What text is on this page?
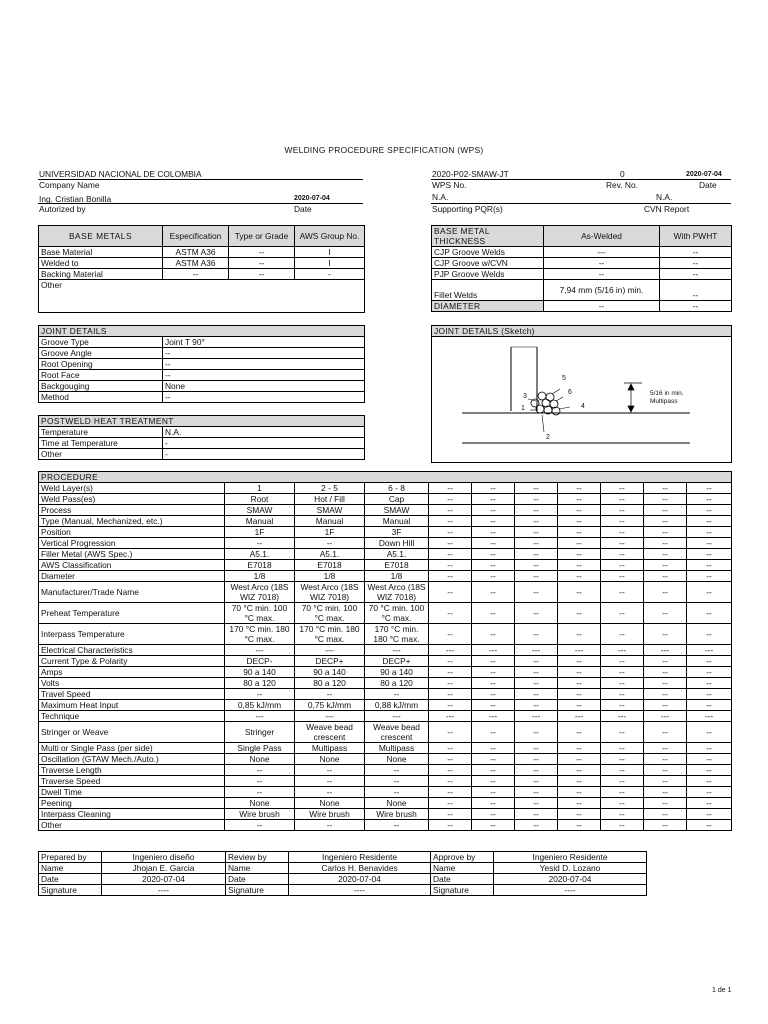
WELDING PROCEDURE SPECIFICATION (WPS)
UNIVERSIDAD NACIONAL DE COLOMBIA
Company Name
Ing. Cristian Bonilla	2020-07-04
Autorized by	Date
2020-P02-SMAW-JT	0	2020-07-04
WPS No.	Rev. No.	Date
N.A.	N.A.
Supporting PQR(s)	CVN Report
BASE METALS	Especification	Type or Grade	AWS Group No.
Base Material	ASTM A36	--	I
Welded to	ASTM A36	--	I
Backing Material	--	--	-
Other			
BASE METAL THICKNESS	As-Welded	With PWHT
CJP Groove Welds	---	--
CJP Groove w/CVN	--	--
PJP Groove Welds	--	--
Fillet Welds	7,94 mm (5/16 in) min.	--
DIAMETER	--	--
JOINT DETAILS	
Groove Type	Joint T 90°
Groove Angle	--
Root Opening	--
Root Face	--
Backgouging	None
Method	--
JOINT DETAILS (Sketch)
1
2
3
4
5
6	5/16 in min.
Multipass
POSTWELD HEAT TREATMENT	
Temperature	N.A.
Time at Temperature	-
Other	-
PROCEDURE										
Weld Layer(s)	1	2 - 5	6 - 8	--	--	--	--	--	--	--
Weld Pass(es)	Root	Hot / Fill	Cap	--	--	--	--	--	--	--
Process	SMAW	SMAW	SMAW	--	--	--	--	--	--	--
Type (Manual, Mechanized, etc.)	Manual	Manual	Manual	--	--	--	--	--	--	--
Position	1F	1F	3F	--	--	--	--	--	--	--
Vertical Progression	--	--	Down Hill	--	--	--	--	--	--	--
Filler Metal (AWS Spec.)	A5.1.	A5.1.	A5.1.	--	--	--	--	--	--	--
AWS Classification	E7018	E7018	E7018	--	--	--	--	--	--	--
Diameter	1/8	1/8	1/8	--	--	--	--	--	--	--
Manufacturer/Trade Name	West Arco (18S WIZ 7018)	West Arco (18S WIZ 7018)	West Arco (18S WIZ 7018)	--	--	--	--	--	--	--
Preheat Temperature	70 °C min. 100 °C max.	70 °C min. 100 °C max.	70 °C min. 100 °C max.	--	--	--	--	--	--	--
Interpass Temperature	170 °C min. 180 °C max.	170 °C min. 180 °C max.	170 °C min. 180 °C max.	--	--	--	--	--	--	--
Electrical Characteristics	---	---	---	---	---	---	---	---	---	---
Current Type & Polarity	DECP-	DECP+	DECP+	--	--	--	--	--	--	--
Amps	90 a 140	90 a 140	90 a 140	--	--	--	--	--	--	--
Volts	80 a 120	80 a 120	80 a 120	--	--	--	--	--	--	--
Travel Speed	--	--	--	--	--	--	--	--	--	--
Maximum Heat Input	0,85 kJ/mm	0,75 kJ/mm	0,88 kJ/mm	--	--	--	--	--	--	--
Technique	---	---	---	---	---	---	---	---	---	---
Stringer or Weave	Stringer	Weave bead crescent	Weave bead crescent	--	--	--	--	--	--	--
Multi or Single Pass (per side)	Single Pass	Multipass	Multipass	--	--	--	--	--	--	--
Oscillation (GTAW Mech./Auto.)	None	None	None	--	--	--	--	--	--	--
Traverse Length	--	--	--	--	--	--	--	--	--	--
Traverse Speed	--	--	--	--	--	--	--	--	--	--
Dwell Time	--	--	--	--	--	--	--	--	--	--
Peening	None	None	None	--	--	--	--	--	--	--
Interpass Cleaning	Wire brush	Wire brush	Wire brush	--	--	--	--	--	--	--
Other	--	--	--	--	--	--	--	--	--	--
Prepared by	Ingeniero diseño	Review by	Ingeniero Residente	Approve by	Ingeniero Residente
Name	Jhojan E. Garcia	Name	Carlos H. Benavides	Name	Yesid D. Lozano
Date	2020-07-04	Date	2020-07-04	Date	2020-07-04
Signature	----	Signature	----	Signature	----
1 de 1
